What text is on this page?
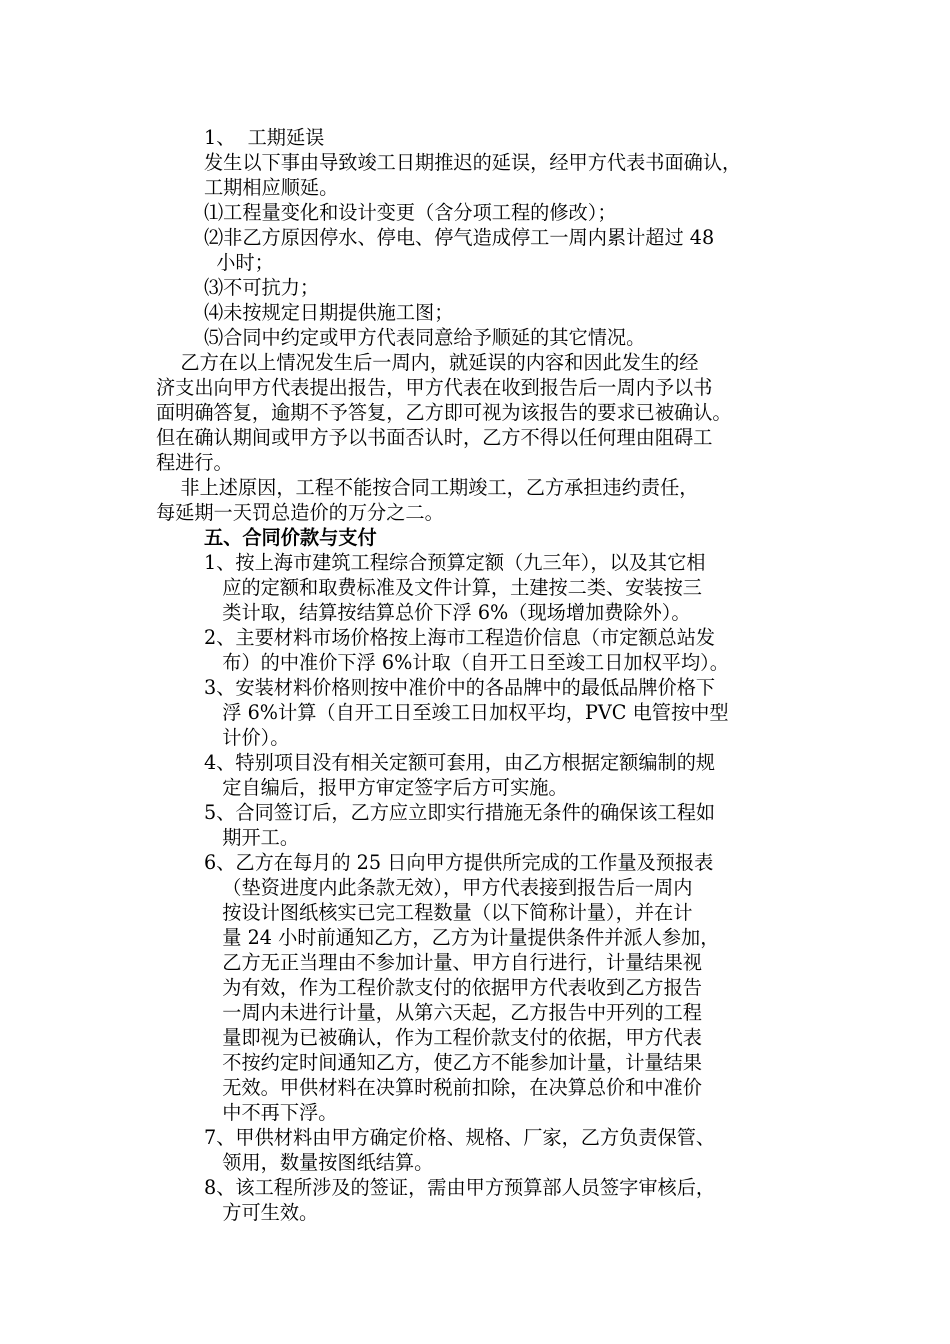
1、  工期延误
发生以下事由导致竣工日期推迟的延误，经甲方代表书面确认，
工期相应顺延。
⑴工程量变化和设计变更（含分项工程的修改）；
⑵非乙方原因停水、停电、停气造成停工一周内累计超过 48
小时；
⑶不可抗力；
⑷未按规定日期提供施工图；
⑸合同中约定或甲方代表同意给予顺延的其它情况。
乙方在以上情况发生后一周内，就延误的内容和因此发生的经
济支出向甲方代表提出报告，甲方代表在收到报告后一周内予以书
面明确答复，逾期不予答复，乙方即可视为该报告的要求已被确认。
但在确认期间或甲方予以书面否认时，乙方不得以任何理由阻碍工
程进行。
非上述原因，工程不能按合同工期竣工，乙方承担违约责任，
每延期一天罚总造价的万分之二。
五、合同价款与支付
1、按上海市建筑工程综合预算定额（九三年），以及其它相
应的定额和取费标准及文件计算，土建按二类、安装按三
类计取，结算按结算总价下浮 6%（现场增加费除外）。
2、主要材料市场价格按上海市工程造价信息（市定额总站发
布）的中准价下浮 6%计取（自开工日至竣工日加权平均）。
3、安装材料价格则按中准价中的各品牌中的最低品牌价格下
浮 6%计算（自开工日至竣工日加权平均，PVC 电管按中型
计价）。
4、特别项目没有相关定额可套用，由乙方根据定额编制的规
定自编后，报甲方审定签字后方可实施。
5、合同签订后，乙方应立即实行措施无条件的确保该工程如
期开工。
6、乙方在每月的 25 日向甲方提供所完成的工作量及预报表
（垫资进度内此条款无效），甲方代表接到报告后一周内
按设计图纸核实已完工程数量（以下简称计量），并在计
量 24 小时前通知乙方，乙方为计量提供条件并派人参加，
乙方无正当理由不参加计量、甲方自行进行，计量结果视
为有效，作为工程价款支付的依据甲方代表收到乙方报告
一周内未进行计量，从第六天起，乙方报告中开列的工程
量即视为已被确认，作为工程价款支付的依据，甲方代表
不按约定时间通知乙方，使乙方不能参加计量，计量结果
无效。甲供材料在决算时税前扣除，在决算总价和中准价
中不再下浮。
7、甲供材料由甲方确定价格、规格、厂家，乙方负责保管、
领用，数量按图纸结算。
8、该工程所涉及的签证，需由甲方预算部人员签字审核后，
方可生效。
